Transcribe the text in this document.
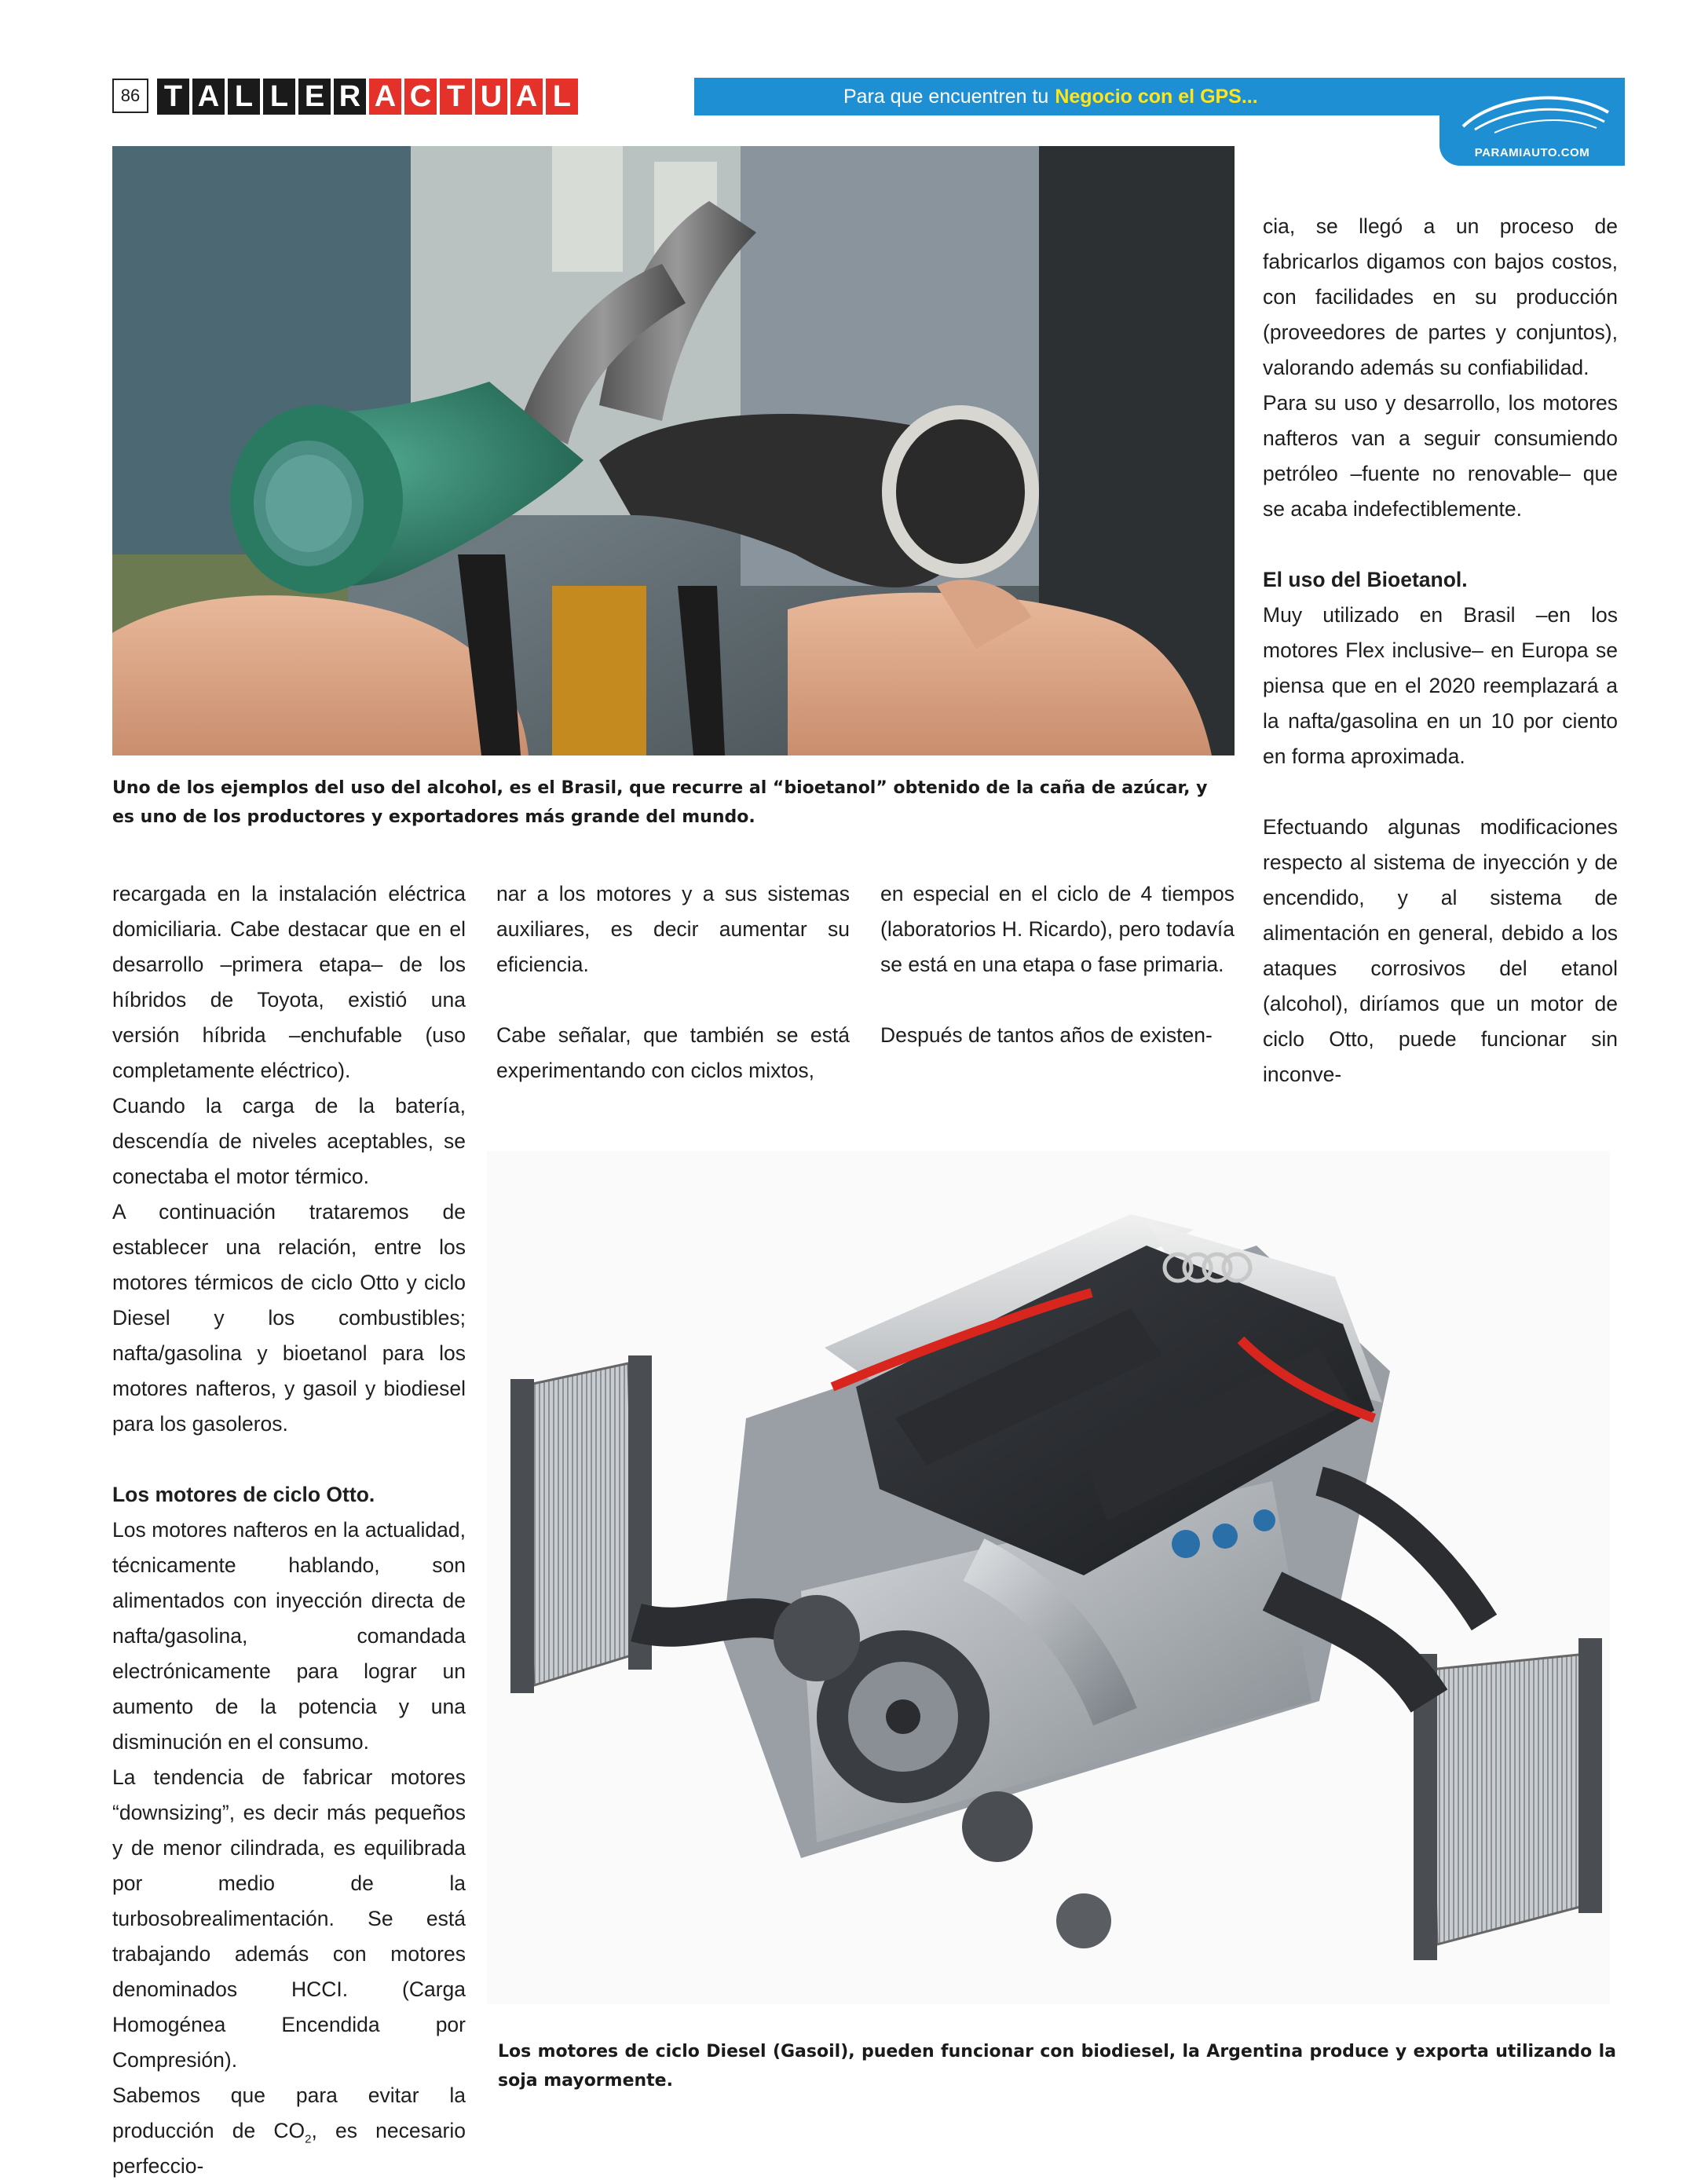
86 T A L L E R A C T U A L	Para que encuentren tu Negocio con el GPS...
PARAMIAUTO.COM
Uno de los ejemplos del uso del alcohol, es el Brasil, que recurre al “bioetanol” obtenido de la caña de azúcar, y es uno de los productores y exportadores más grande del mundo.

recargada en la instalación eléctrica domiciliaria. Cabe destacar que en el desarrollo –primera etapa– de los híbridos de Toyota, existió una versión híbrida –enchufable (uso completamente eléctrico).

Cuando la carga de la batería, descendía de niveles aceptables, se conectaba el motor térmico.

A continuación trataremos de establecer una relación, entre los motores térmicos de ciclo Otto y ciclo Diesel y los combustibles; nafta/gasolina y bioetanol para los motores nafteros, y gasoil y biodiesel para los gasoleros.

Los motores de ciclo Otto.

Los motores nafteros en la actualidad, técnicamente hablando, son alimentados con inyección directa de nafta/gasolina, comandada electrónicamente para lograr un aumento de la potencia y una disminución en el consumo.

La tendencia de fabricar motores “downsizing”, es decir más pequeños y de menor cilindrada, es equilibrada por medio de la turbosobrealimentación. Se está trabajando además con motores denominados HCCI. (Carga Homogénea Encendida por Compresión).

Sabemos que para evitar la producción de $CO_2$, es necesario perfeccio-

nar a los motores y a sus sistemas auxiliares, es decir aumentar su eficiencia.

Cabe señalar, que también se está experimentando con ciclos mixtos,

en especial en el ciclo de 4 tiempos (laboratorios H. Ricardo), pero todavía se está en una etapa o fase primaria.

Después de tantos años de existen-

cia, se llegó a un proceso de fabricarlos digamos con bajos costos, con facilidades en su producción (proveedores de partes y conjuntos), valorando además su confiabilidad.

Para su uso y desarrollo, los motores nafteros van a seguir consumiendo petróleo –fuente no renovable– que se acaba indefectiblemente.

El uso del Bioetanol.

Muy utilizado en Brasil –en los motores Flex inclusive– en Europa se piensa que en el 2020 reemplazará a la nafta/gasolina en un 10 por ciento en forma aproximada.

Efectuando algunas modificaciones respecto al sistema de inyección y de encendido, y al sistema de alimentación en general, debido a los ataques corrosivos del etanol (alcohol), diríamos que un motor de ciclo Otto, puede funcionar sin inconve-

Los motores de ciclo Diesel (Gasoil), pueden funcionar con biodiesel, la Argentina produce y exporta utilizando la soja mayormente.
